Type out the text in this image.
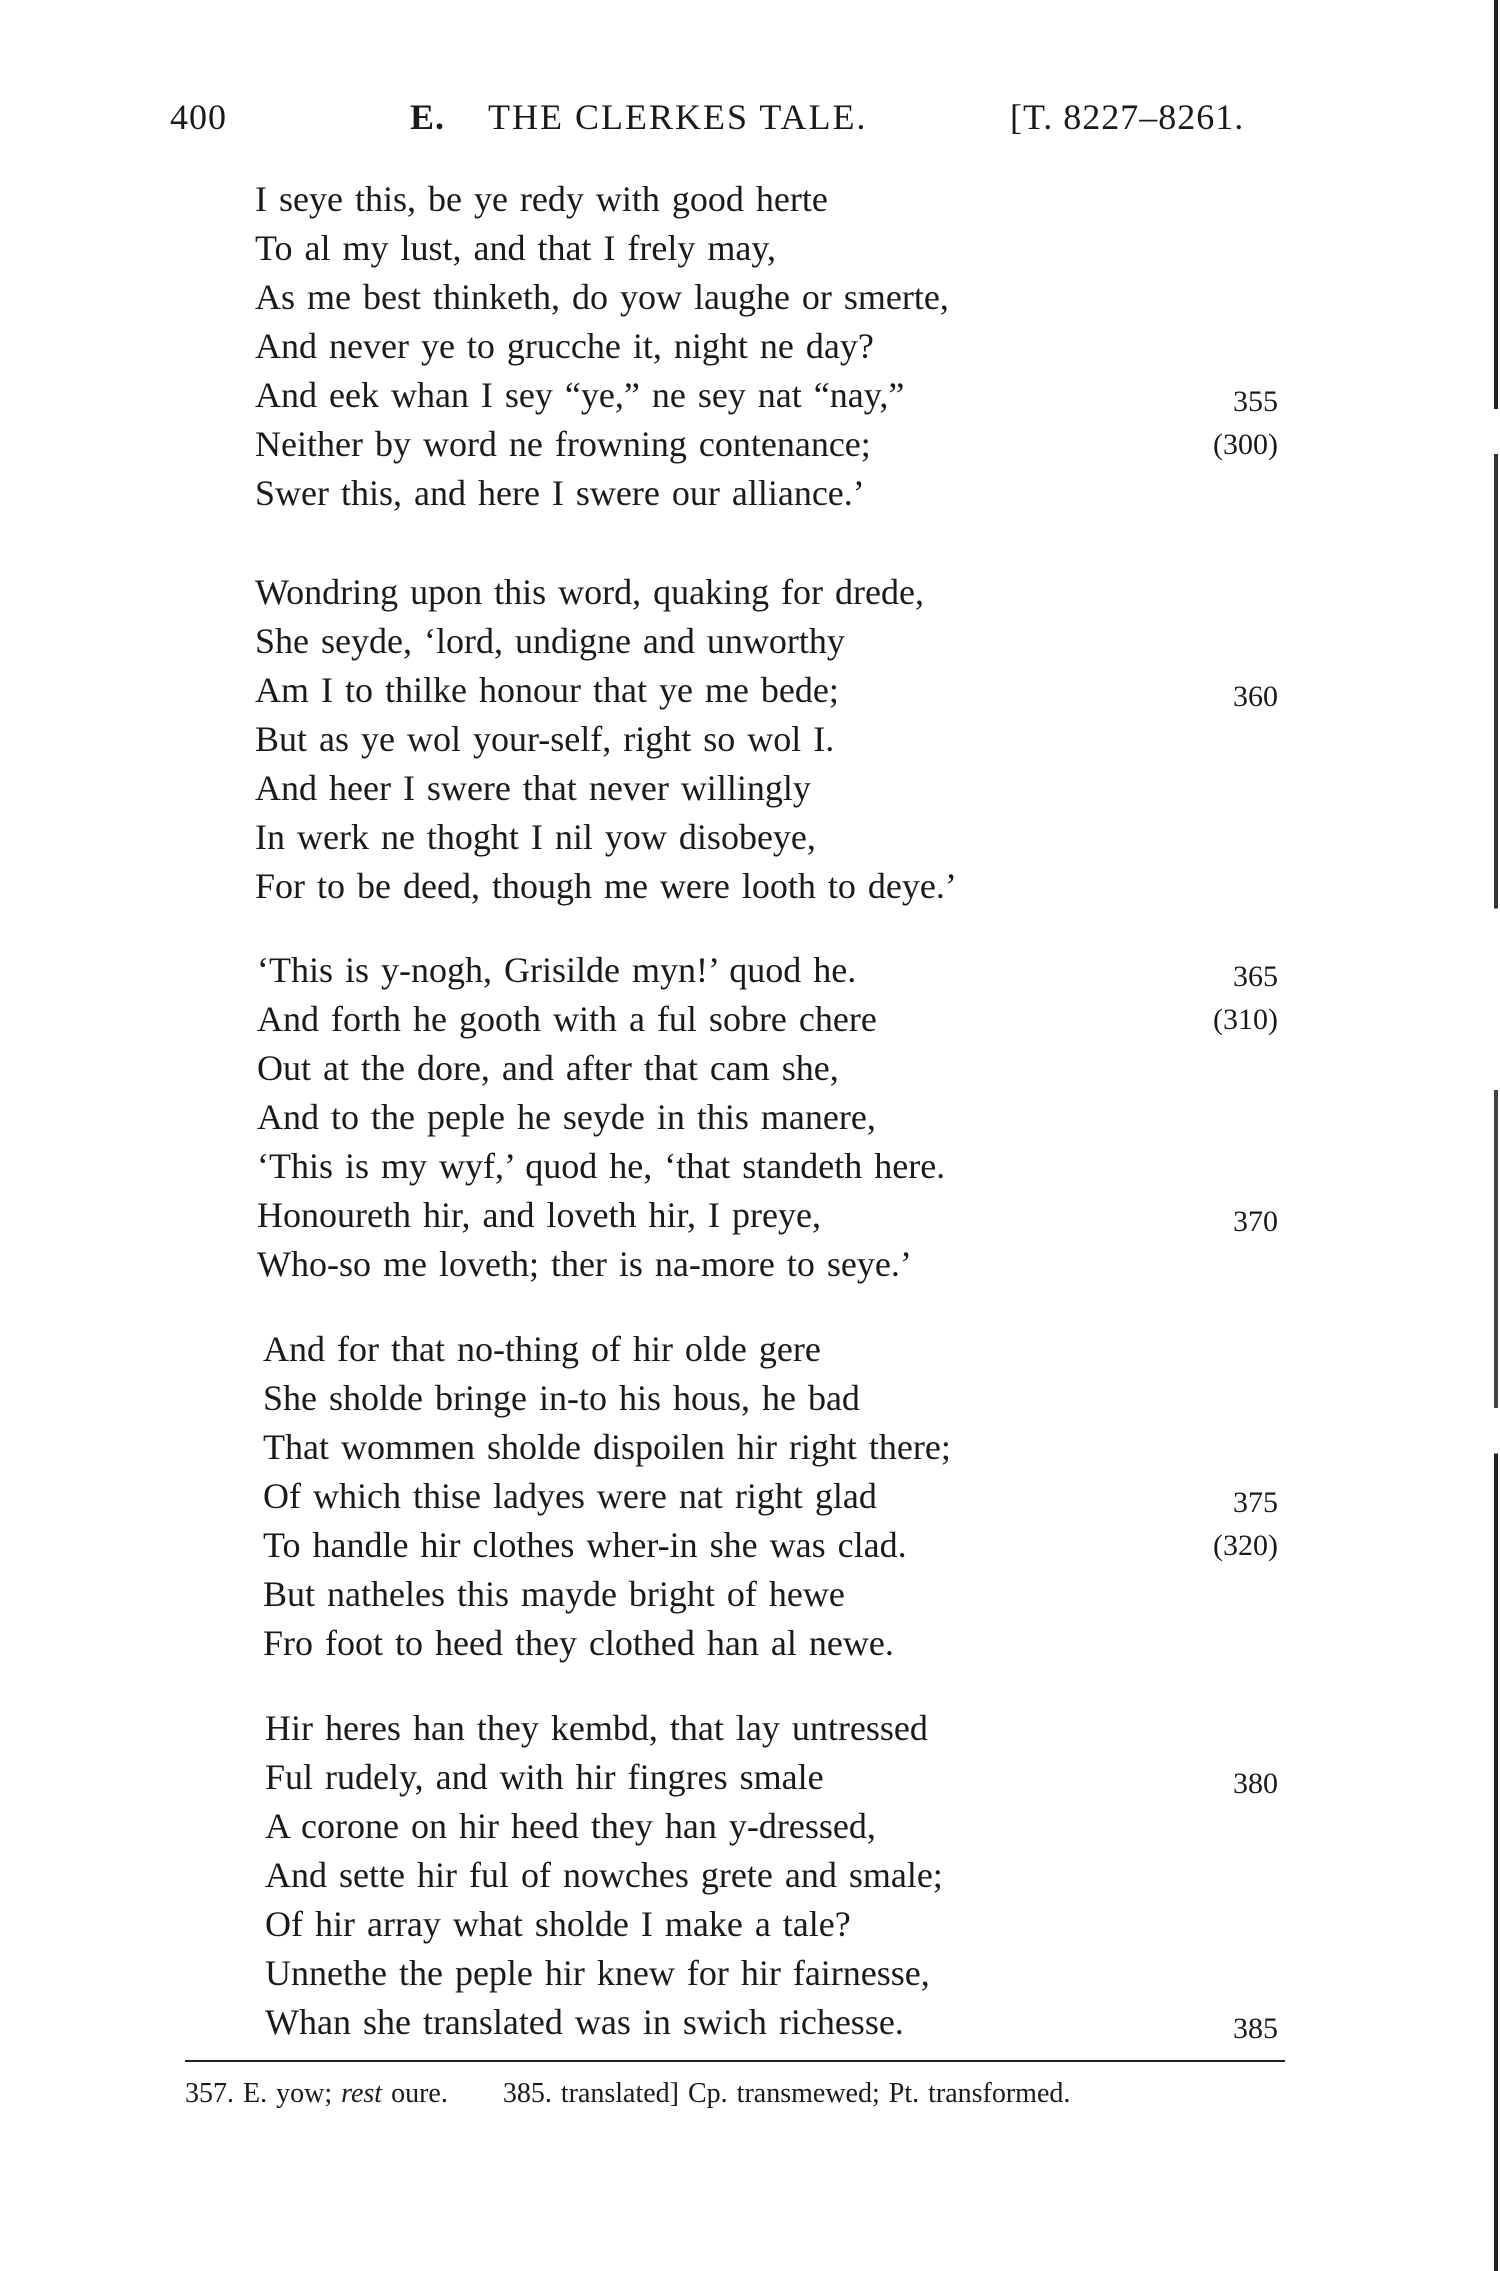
400	E. THE CLERKES TALE.	[T. 8227–8261.
I seye this, be ye redy with good herte
To al my lust, and that I frely may,
As me best thinketh, do yow laughe or smerte,
And never ye to grucche it, night ne day?
And eek whan I sey “ye,” ne sey nat “nay,”	355
Neither by word ne frowning contenance;	(300)
Swer this, and here I swere our alliance.’
Wondring upon this word, quaking for drede,
She seyde, ‘lord, undigne and unworthy
Am I to thilke honour that ye me bede;	360
But as ye wol your-self, right so wol I.
And heer I swere that never willingly
In werk ne thoght I nil yow disobeye,
For to be deed, though me were looth to deye.’
‘This is y-nogh, Grisilde myn!’ quod he.	365
And forth he gooth with a ful sobre chere	(310)
Out at the dore, and after that cam she,
And to the peple he seyde in this manere,
‘This is my wyf,’ quod he, ‘that standeth here.
Honoureth hir, and loveth hir, I preye,	370
Who-so me loveth; ther is na-more to seye.’
And for that no-thing of hir olde gere
She sholde bringe in-to his hous, he bad
That wommen sholde dispoilen hir right there;
Of which thise ladyes were nat right glad	375
To handle hir clothes wher-in she was clad.	(320)
But natheles this mayde bright of hewe
Fro foot to heed they clothed han al newe.
Hir heres han they kembd, that lay untressed
Ful rudely, and with hir fingres smale	380
A corone on hir heed they han y-dressed,
And sette hir ful of nowches grete and smale;
Of hir array what sholde I make a tale?
Unnethe the peple hir knew for hir fairnesse,
Whan she translated was in swich richesse.	385
357. E. yow; rest oure. 385. translated] Cp. transmewed; Pt. transformed.
